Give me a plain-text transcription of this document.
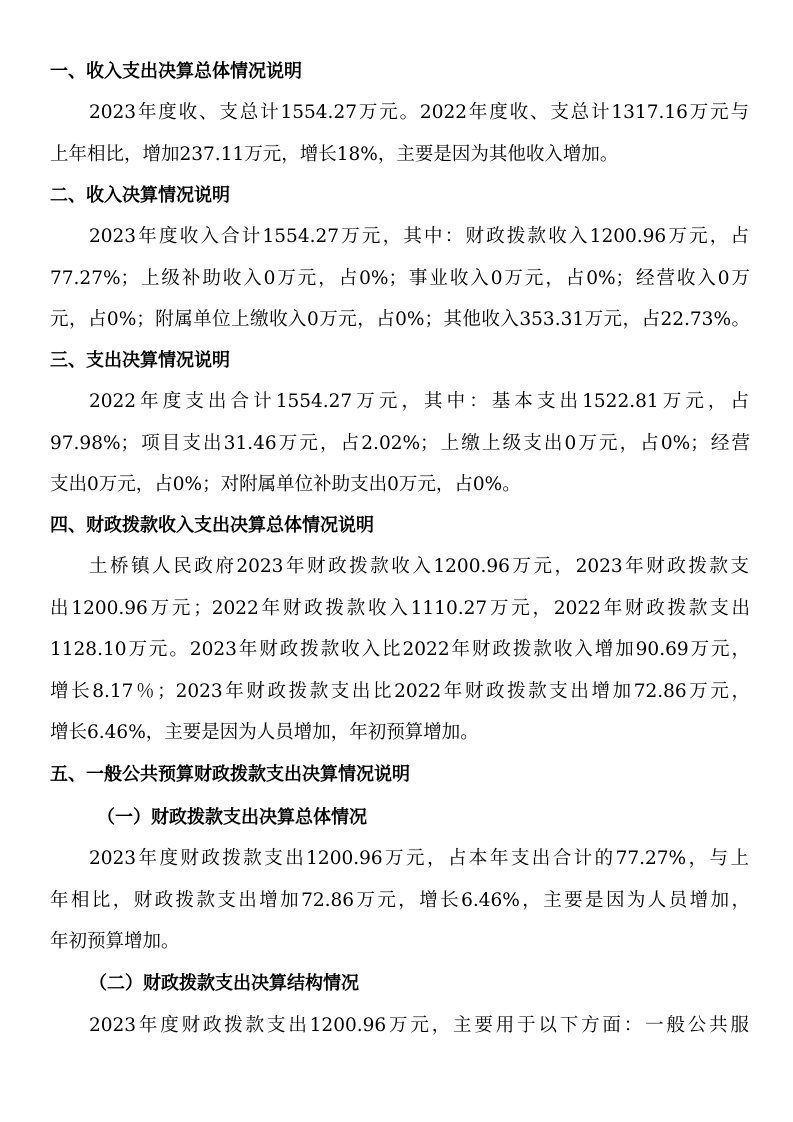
一、收入支出决算总体情况说明
2023年度收、支总计1554.27万元。2022年度收、支总计1317.16万元与
上年相比，增加237.11万元，增长18%，主要是因为其他收入增加。
二、收入决算情况说明
2023年度收入合计1554.27万元，其中：财政拨款收入1200.96万元，占
77.27%；上级补助收入0万元，占0%；事业收入0万元，占0%；经营收入0万
元，占0%；附属单位上缴收入0万元，占0%；其他收入353.31万元，占22.73%。
三、支出决算情况说明
2022年度支出合计1554.27万元，其中：基本支出1522.81万元，占
97.98%；项目支出31.46万元，占2.02%；上缴上级支出0万元，占0%；经营
支出0万元，占0%；对附属单位补助支出0万元，占0%。
四、财政拨款收入支出决算总体情况说明
土桥镇人民政府2023年财政拨款收入1200.96万元，2023年财政拨款支
出1200.96万元；2022年财政拨款收入1110.27万元，2022年财政拨款支出
1128.10万元。2023年财政拨款收入比2022年财政拨款收入增加90.69万元，
增长8.17％；2023年财政拨款支出比2022年财政拨款支出增加72.86万元，
增长6.46%，主要是因为人员增加，年初预算增加。
五、一般公共预算财政拨款支出决算情况说明
（一）财政拨款支出决算总体情况
2023年度财政拨款支出1200.96万元，占本年支出合计的77.27%，与上
年相比，财政拨款支出增加72.86万元，增长6.46%，主要是因为人员增加，
年初预算增加。
（二）财政拨款支出决算结构情况
2023年度财政拨款支出1200.96万元，主要用于以下方面：一般公共服
